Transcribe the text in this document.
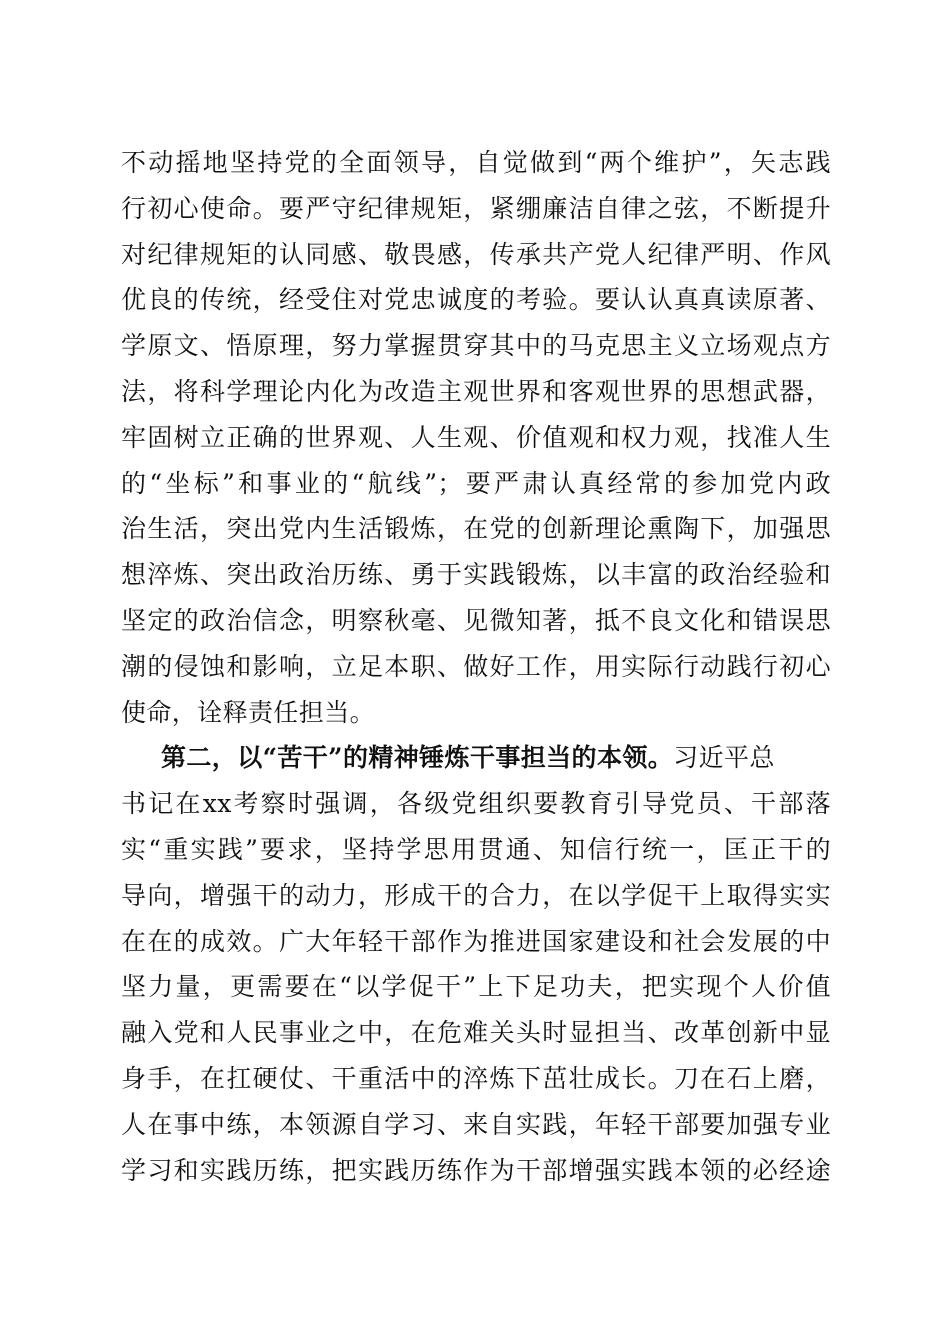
不动摇地坚持党的全面领导，自觉做到“两个维护”，矢志践
行初心使命。要严守纪律规矩，紧绷廉洁自律之弦，不断提升
对纪律规矩的认同感、敬畏感，传承共产党人纪律严明、作风
优良的传统，经受住对党忠诚度的考验。要认认真真读原著、
学原文、悟原理，努力掌握贯穿其中的马克思主义立场观点方
法，将科学理论内化为改造主观世界和客观世界的思想武器，
牢固树立正确的世界观、人生观、价值观和权力观，找准人生
的“坐标”和事业的“航线”；要严肃认真经常的参加党内政
治生活，突出党内生活锻炼，在党的创新理论熏陶下，加强思
想淬炼、突出政治历练、勇于实践锻炼，以丰富的政治经验和
坚定的政治信念，明察秋毫、见微知著，抵不良文化和错误思
潮的侵蚀和影响，立足本职、做好工作，用实际行动践行初心
使命，诠释责任担当。
第二，以“苦干”的精神锤炼干事担当的本领。习近平总
书记在xx考察时强调，各级党组织要教育引导党员、干部落
实“重实践”要求，坚持学思用贯通、知信行统一，匡正干的
导向，增强干的动力，形成干的合力，在以学促干上取得实实
在在的成效。广大年轻干部作为推进国家建设和社会发展的中
坚力量，更需要在“以学促干”上下足功夫，把实现个人价值
融入党和人民事业之中，在危难关头时显担当、改革创新中显
身手，在扛硬仗、干重活中的淬炼下茁壮成长。刀在石上磨，
人在事中练，本领源自学习、来自实践，年轻干部要加强专业
学习和实践历练，把实践历练作为干部增强实践本领的必经途
